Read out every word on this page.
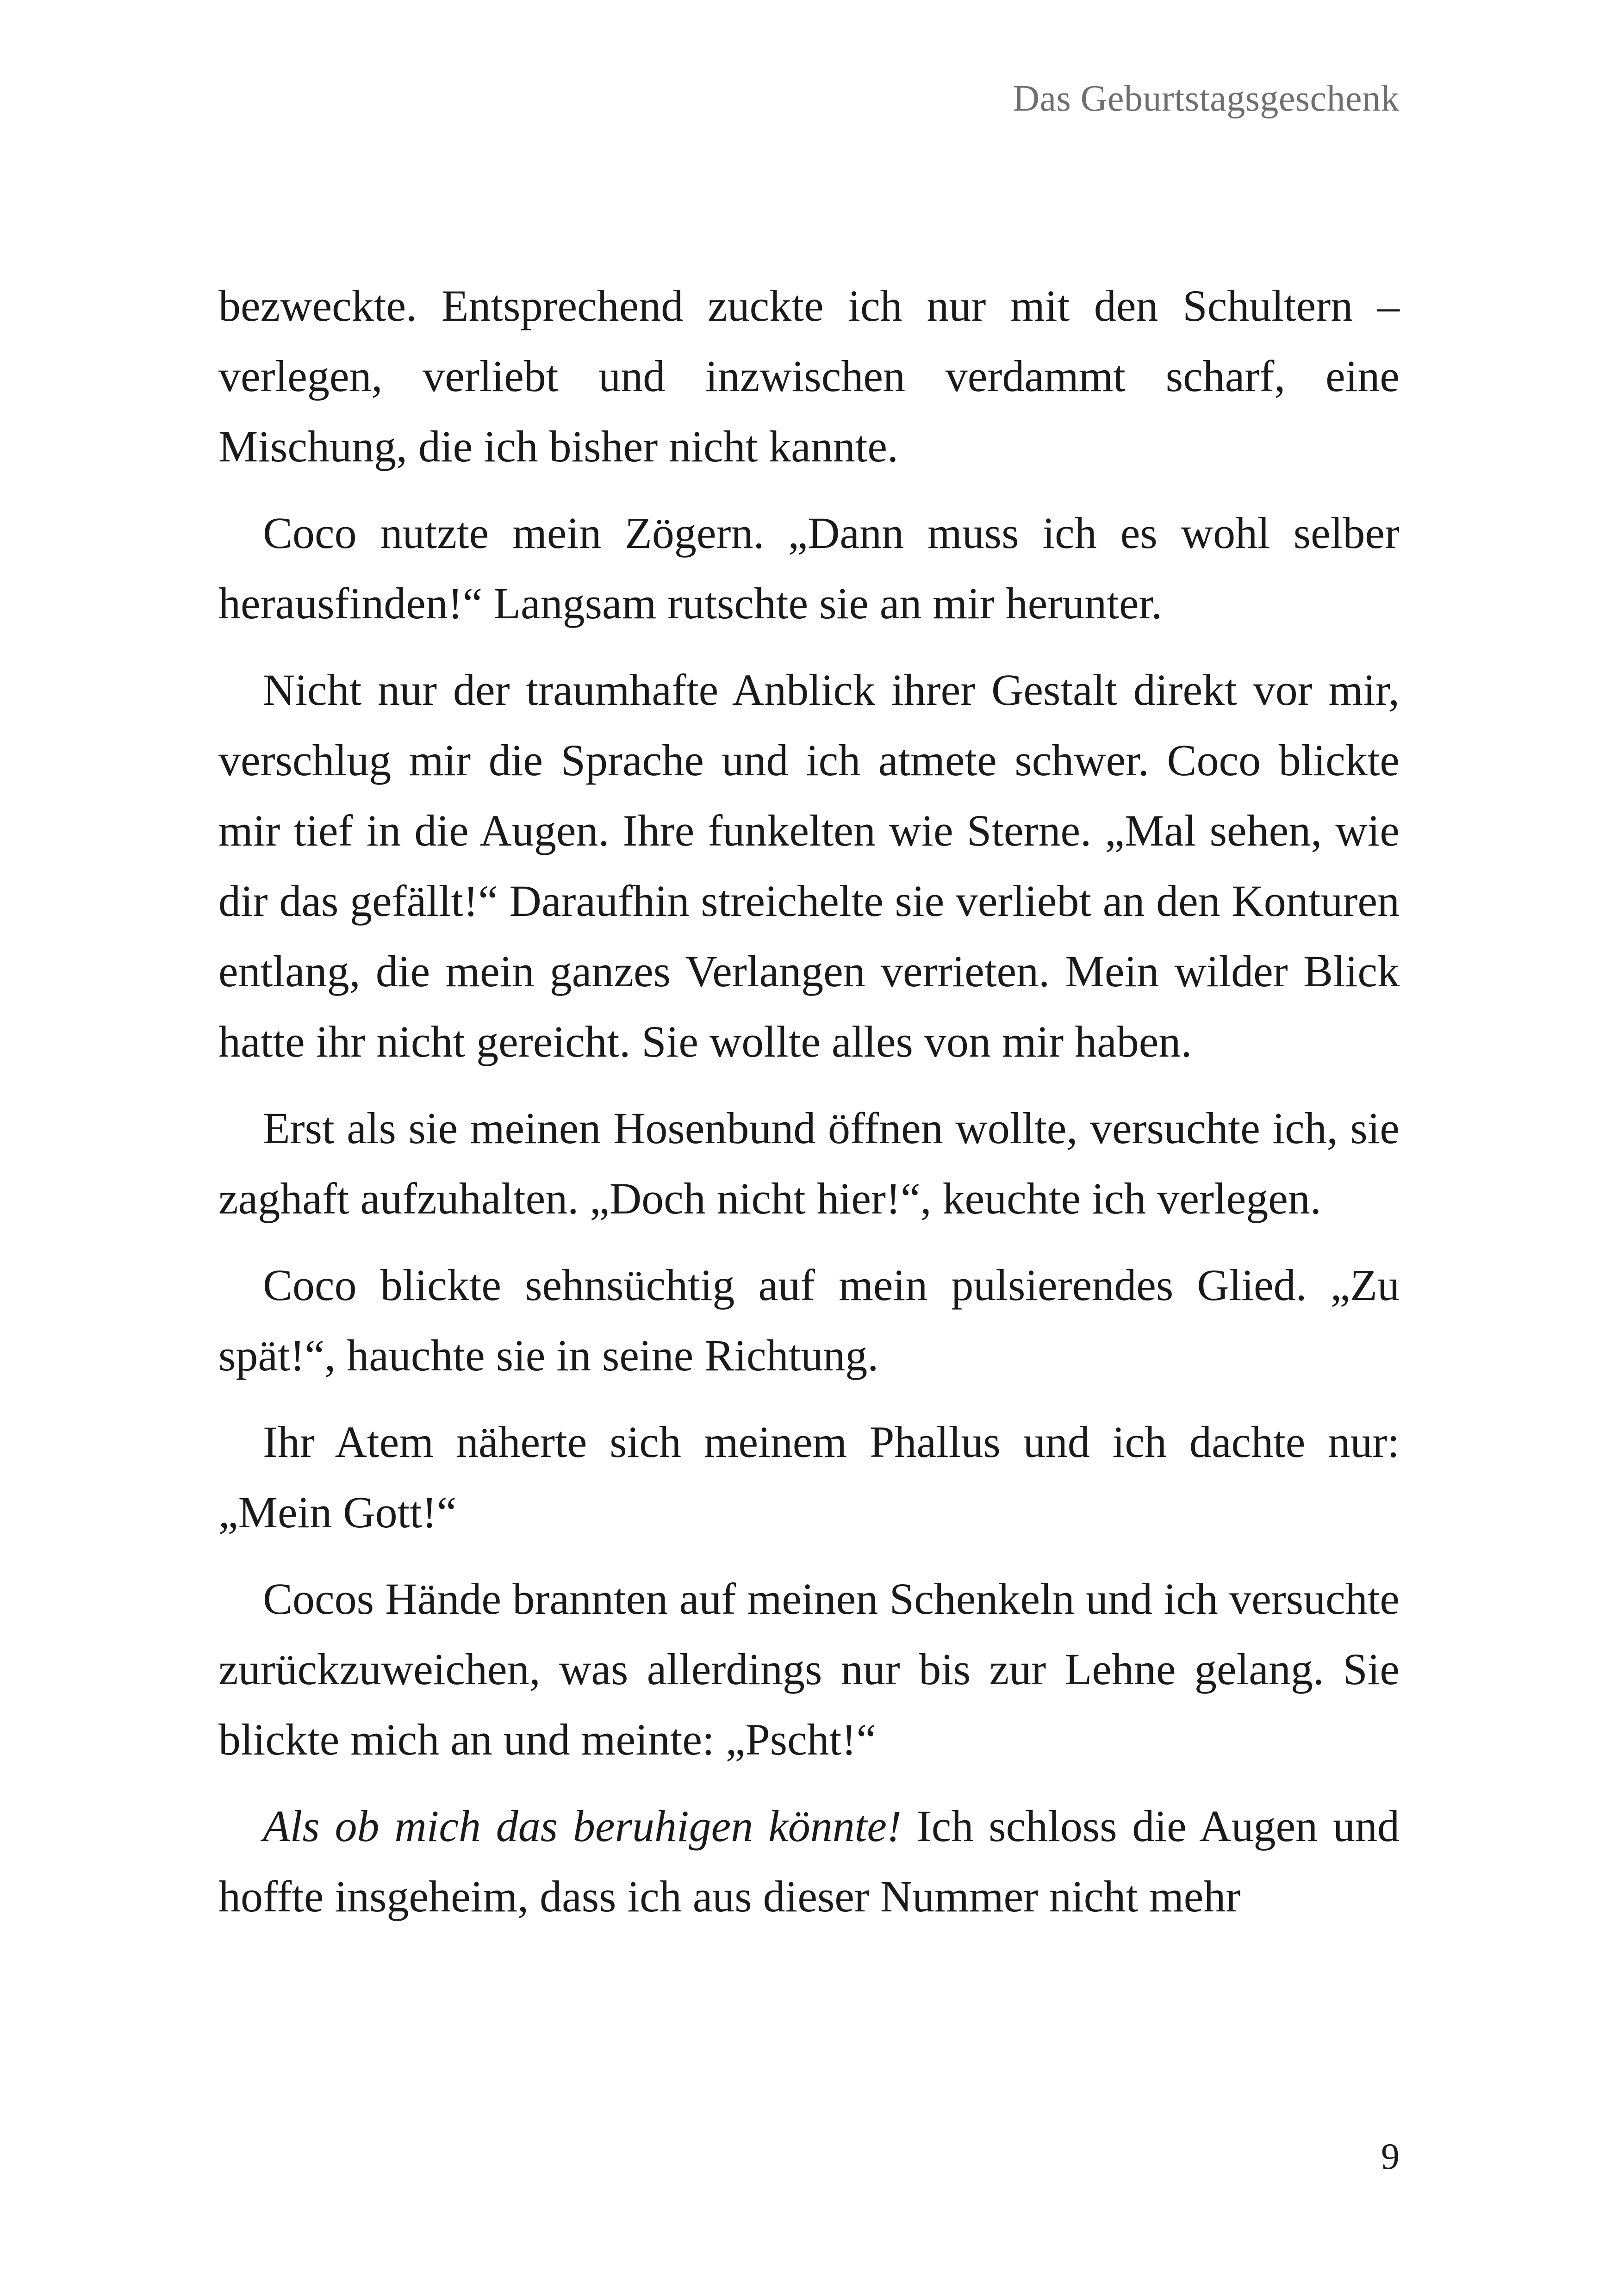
Das Geburtstagsgeschenk

bezweckte. Entsprechend zuckte ich nur mit den Schultern – verlegen, verliebt und inzwischen verdammt scharf, eine Mischung, die ich bisher nicht kannte.

Coco nutzte mein Zögern. „Dann muss ich es wohl selber herausfinden!“ Langsam rutschte sie an mir herunter.

Nicht nur der traumhafte Anblick ihrer Gestalt direkt vor mir, verschlug mir die Sprache und ich atmete schwer. Coco blickte mir tief in die Augen. Ihre funkelten wie Sterne. „Mal sehen, wie dir das gefällt!“ Daraufhin streichelte sie verliebt an den Konturen entlang, die mein ganzes Verlangen verrieten. Mein wilder Blick hatte ihr nicht gereicht. Sie wollte alles von mir haben.

Erst als sie meinen Hosenbund öffnen wollte, versuchte ich, sie zaghaft aufzuhalten. „Doch nicht hier!“, keuchte ich verlegen.

Coco blickte sehnsüchtig auf mein pulsierendes Glied. „Zu spät!“, hauchte sie in seine Richtung.

Ihr Atem näherte sich meinem Phallus und ich dachte nur: „Mein Gott!“

Cocos Hände brannten auf meinen Schenkeln und ich versuchte zurückzuweichen, was allerdings nur bis zur Lehne gelang. Sie blickte mich an und meinte: „Pscht!“

Als ob mich das beruhigen könnte! Ich schloss die Augen und hoffte insgeheim, dass ich aus dieser Nummer nicht mehr

9
